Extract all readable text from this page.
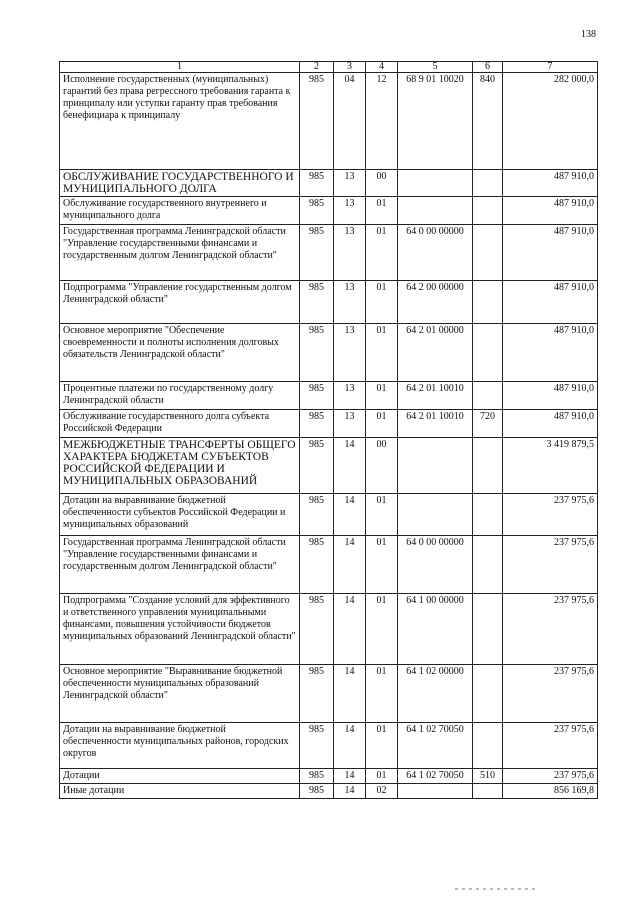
138
1	2	3	4	5	6	7
Исполнение государственных (муниципальных) гарантий без права регрессного требования гаранта к принципалу или уступки гаранту прав требования бенефициара к принципалу	985	04	12	68 9 01 10020	840	282 000,0
ОБСЛУЖИВАНИЕ ГОСУДАРСТВЕННОГО И МУНИЦИПАЛЬНОГО ДОЛГА	985	13	00			487 910,0
Обслуживание государственного внутреннего и муниципального долга	985	13	01			487 910,0
Государственная программа Ленинградской области "Управление государственными финансами и государственным долгом Ленинградской области"	985	13	01	64 0 00 00000		487 910,0
Подпрограмма "Управление государственным долгом Ленинградской области"	985	13	01	64 2 00 00000		487 910,0
Основное мероприятие "Обеспечение своевременности и полноты исполнения долговых обязательств Ленинградской области"	985	13	01	64 2 01 00000		487 910,0
Процентные платежи по государственному долгу Ленинградской области	985	13	01	64 2 01 10010		487 910,0
Обслуживание государственного долга субъекта Российской Федерации	985	13	01	64 2 01 10010	720	487 910,0
МЕЖБЮДЖЕТНЫЕ ТРАНСФЕРТЫ ОБЩЕГО ХАРАКТЕРА БЮДЖЕТАМ СУБЪЕКТОВ РОССИЙСКОЙ ФЕДЕРАЦИИ И МУНИЦИПАЛЬНЫХ ОБРАЗОВАНИЙ	985	14	00			3 419 879,5
Дотации на выравнивание бюджетной обеспеченности субъектов Российской Федерации и муниципальных образований	985	14	01			237 975,6
Государственная программа Ленинградской области "Управление государственными финансами и государственным долгом Ленинградской области"	985	14	01	64 0 00 00000		237 975,6
Подпрограмма "Создание условий для эффективного и ответственного управления муниципальными финансами, повышения устойчивости бюджетов муниципальных образований Ленинградской области"	985	14	01	64 1 00 00000		237 975,6
Основное мероприятие "Выравнивание бюджетной обеспеченности муниципальных образований Ленинградской области"	985	14	01	64 1 02 00000		237 975,6
Дотации на выравнивание бюджетной обеспеченности муниципальных районов, городских округов	985	14	01	64 1 02 70050		237 975,6
Дотации	985	14	01	64 1 02 70050	510	237 975,6
Иные дотации	985	14	02			856 169,8
